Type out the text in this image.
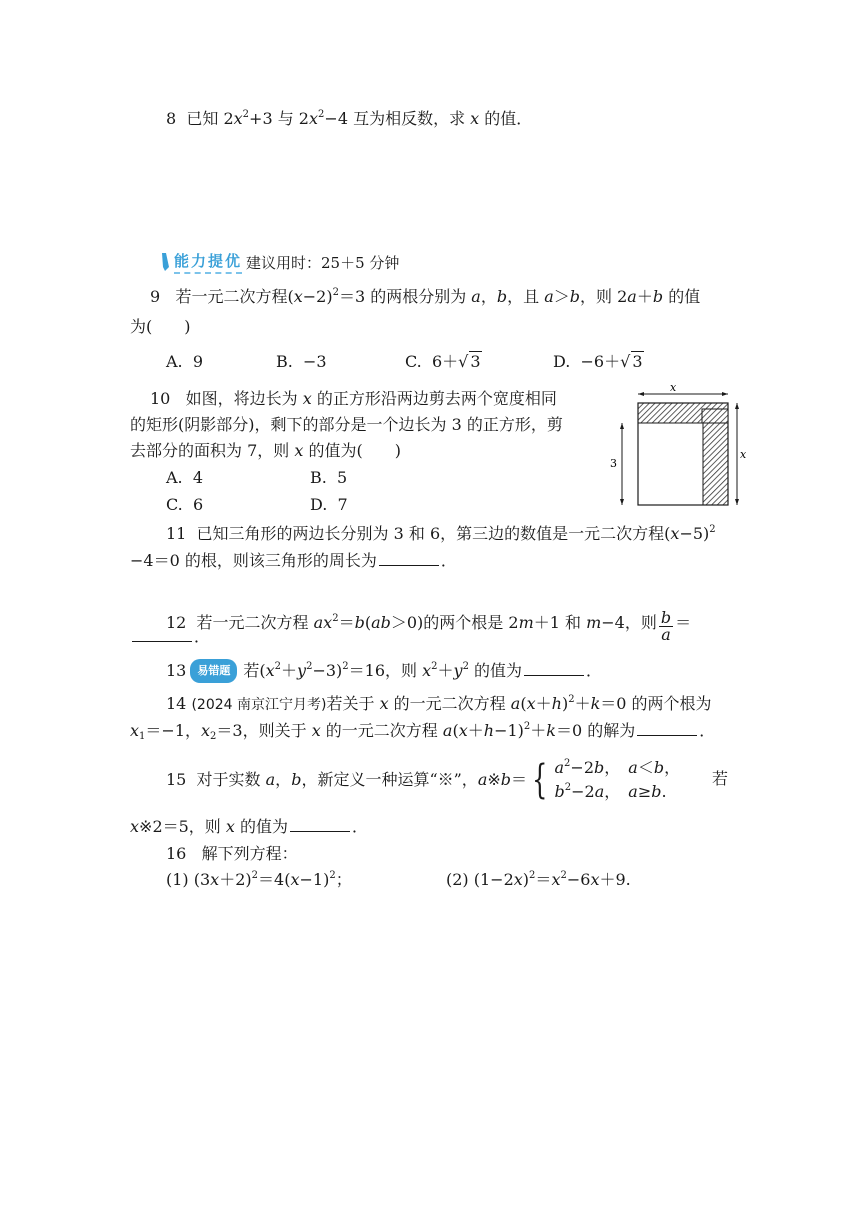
8 已知 $2x^2+3$ 与 $2x^2-4$ 互为相反数，求 x 的值．
能力提优 建议用时：25＋5 分钟
9 若一元二次方程$(x-2)^2=3$ 的两根分别为 a，b，且 a＞b，则 2a＋b 的值
为(　　)
A. 9	B. −3	C. 6＋√ 3	D. −6＋√ 3
10 如图，将边长为 x 的正方形沿两边剪去两个宽度相同
的矩形(阴影部分)，剩下的部分是一个边长为 3 的正方形，剪
去部分的面积为 7，则 x 的值为(　　)
A. 4	B. 5
C. 6	D. 7
x
3
x
11 已知三角形的两边长分别为 3 和 6，第三边的数值是一元二次方程$(x-5)^2$
−4＝0 的根，则该三角形的周长为	．
12 若一元二次方程 $ax^2=b(ab>0)$的两个根是 2m＋1 和 m−4，则 $\frac{b}{a}$ ＝
．
13 易错题 若$(x^2+y^2-3)^2=16$，则 $x^2+y^2$ 的值为	．
14 (2024 南京江宁月考)若关于 x 的一元二次方程 $a(x+h)^2+k=0$ 的两个根为
$x_1=-1$，$x_2=3$，则关于 x 的一元二次方程 $a(x+h-1)^2+k=0$ 的解为	．
15 对于实数 a，b，新定义一种运算“※”，a※b＝ { $a^2-2b$，　a＜b，
$b^2-2a$，　a≥b.
若
x※2＝5，则 x 的值为	．
16 解下列方程：
(1) $(3x+2)^2=4(x-1)^2$；	(2) $(1-2x)^2=x^2-6x+9$.
